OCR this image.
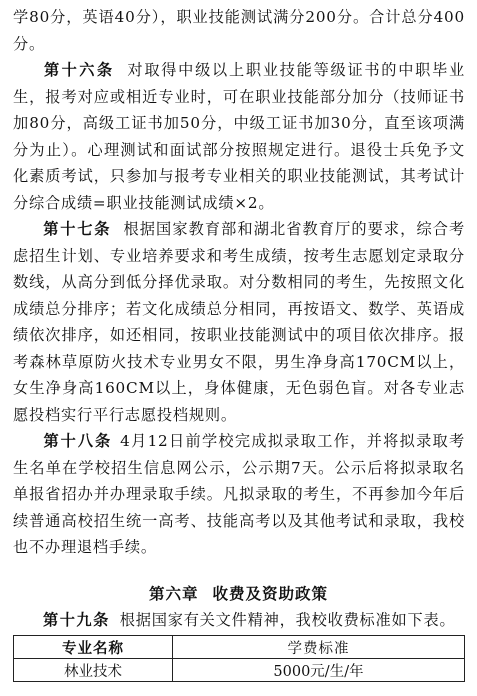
学80分，英语40分），职业技能测试满分200分。合计总分400分。
第十六条 对取得中级以上职业技能等级证书的中职毕业生，报考对应或相近专业时，可在职业技能部分加分（技师证书加80分，高级工证书加50分，中级工证书加30分，直至该项满分为止）。心理测试和面试部分按照规定进行。退役士兵免予文化素质考试，只参加与报考专业相关的职业技能测试，其考试计分综合成绩=职业技能测试成绩×2。
第十七条 根据国家教育部和湖北省教育厅的要求，综合考虑招生计划、专业培养要求和考生成绩，按考生志愿划定录取分数线，从高分到低分择优录取。对分数相同的考生，先按照文化成绩总分排序；若文化成绩总分相同，再按语文、数学、英语成绩依次排序，如还相同，按职业技能测试中的项目依次排序。报考森林草原防火技术专业男女不限，男生净身高170CM以上，女生净身高160CM以上，身体健康，无色弱色盲。对各专业志愿投档实行平行志愿投档规则。
第十八条 4月12日前学校完成拟录取工作，并将拟录取考生名单在学校招生信息网公示，公示期7天。公示后将拟录取名单报省招办并办理录取手续。凡拟录取的考生，不再参加今年后续普通高校招生统一高考、技能高考以及其他考试和录取，我校也不办理退档手续。
第六章 收费及资助政策
第十九条 根据国家有关文件精神，我校收费标准如下表。
专业名称	学费标准
林业技术	5000元/生/年
